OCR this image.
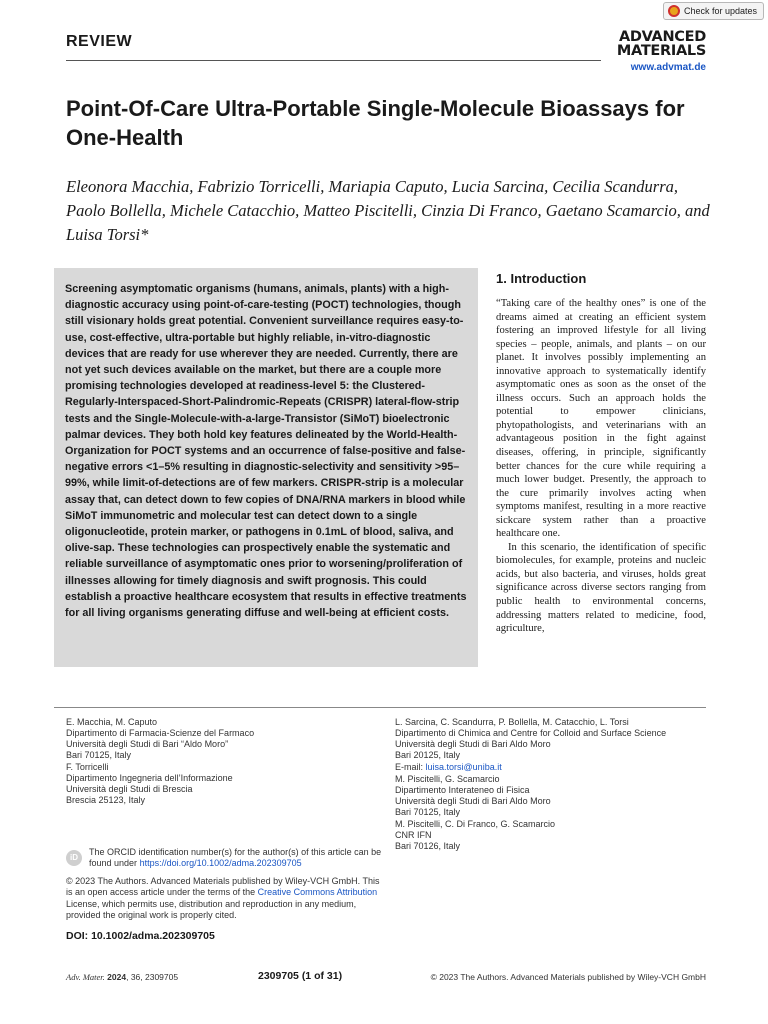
Check for updates
REVIEW	ADVANCED
MATERIALS
www.advmat.de
Point-Of-Care Ultra-Portable Single-Molecule Bioassays for One-Health
Eleonora Macchia, Fabrizio Torricelli, Mariapia Caputo, Lucia Sarcina, Cecilia Scandurra, Paolo Bollella, Michele Catacchio, Matteo Piscitelli, Cinzia Di Franco, Gaetano Scamarcio, and Luisa Torsi*
Screening asymptomatic organisms (humans, animals, plants) with a high-diagnostic accuracy using point-of-care-testing (POCT) technologies, though still visionary holds great potential. Convenient surveillance requires easy-to-use, cost-effective, ultra-portable but highly reliable, in-vitro-diagnostic devices that are ready for use wherever they are needed. Currently, there are not yet such devices available on the market, but there are a couple more promising technologies developed at readiness-level 5: the Clustered-Regularly-Interspaced-Short-Palindromic-Repeats (CRISPR) lateral-flow-strip tests and the Single-Molecule-with-a-large-Transistor (SiMoT) bioelectronic palmar devices. They both hold key features delineated by the World-Health-Organization for POCT systems and an occurrence of false-positive and false-negative errors <1–5% resulting in diagnostic-selectivity and sensitivity >95–99%, while limit-of-detections are of few markers. CRISPR-strip is a molecular assay that, can detect down to few copies of DNA/RNA markers in blood while SiMoT immunometric and molecular test can detect down to a single oligonucleotide, protein marker, or pathogens in 0.1mL of blood, saliva, and olive-sap. These technologies can prospectively enable the systematic and reliable surveillance of asymptomatic ones prior to worsening/proliferation of illnesses allowing for timely diagnosis and swift prognosis. This could establish a proactive healthcare ecosystem that results in effective treatments for all living organisms generating diffuse and well-being at efficient costs.
1. Introduction

“Taking care of the healthy ones” is one of the dreams aimed at creating an efficient system fostering an improved lifestyle for all living species – people, animals, and plants – on our planet. It involves possibly implementing an innovative approach to systematically identify asymptomatic ones as soon as the onset of the illness occurs. Such an approach holds the potential to empower clinicians, phytopathologists, and veterinarians with an advantageous position in the fight against diseases, offering, in principle, significantly better chances for the cure while requiring a much lower budget. Presently, the approach to the cure primarily involves acting when symptoms manifest, resulting in a more reactive sickcare system rather than a proactive healthcare one.

In this scenario, the identification of specific biomolecules, for example, proteins and nucleic acids, but also bacteria, and viruses, holds great significance across diverse sectors ranging from public health to environmental concerns, addressing matters related to medicine, food, agriculture,

E. Macchia, M. Caputo
Dipartimento di Farmacia-Scienze del Farmaco
Università degli Studi di Bari “Aldo Moro”
Bari 70125, Italy
F. Torricelli
Dipartimento Ingegneria dell’Informazione
Università degli Studi di Brescia
Brescia 25123, Italy
L. Sarcina, C. Scandurra, P. Bollella, M. Catacchio, L. Torsi
Dipartimento di Chimica and Centre for Colloid and Surface Science
Università degli Studi di Bari Aldo Moro
Bari 20125, Italy
E-mail: luisa.torsi@uniba.it
M. Piscitelli, G. Scamarcio
Dipartimento Interateneo di Fisica
Università degli Studi di Bari Aldo Moro
Bari 70125, Italy
M. Piscitelli, C. Di Franco, G. Scamarcio
CNR IFN
Bari 70126, Italy
iD
The ORCID identification number(s) for the author(s) of this article can be found under https://doi.org/10.1002/adma.202309705
© 2023 The Authors. Advanced Materials published by Wiley-VCH GmbH. This is an open access article under the terms of the Creative Commons Attribution License, which permits use, distribution and reproduction in any medium, provided the original work is properly cited.
DOI: 10.1002/adma.202309705
Adv. Mater. 2024, 36, 2309705	2309705 (1 of 31)	© 2023 The Authors. Advanced Materials published by Wiley-VCH GmbH
